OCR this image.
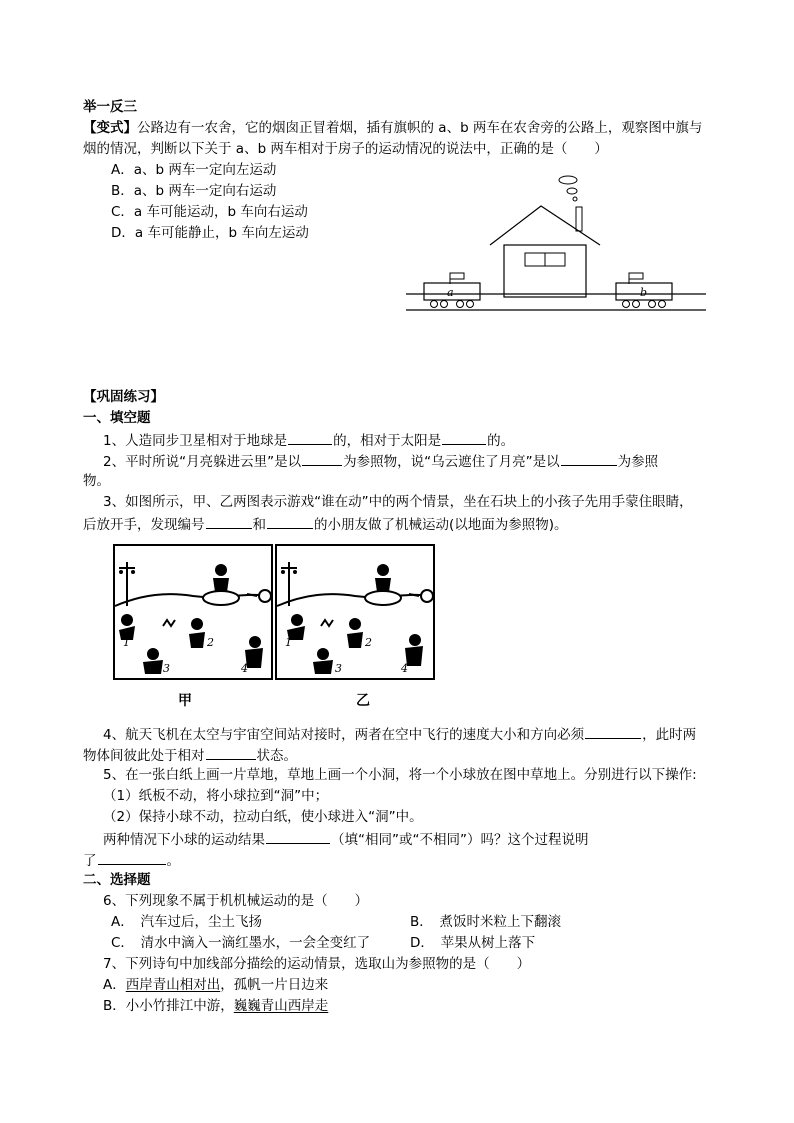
举一反三
【变式】公路边有一农舍，它的烟囱正冒着烟，插有旗帜的 a、b 两车在农舍旁的公路上，观察图中旗与
烟的情况，判断以下关于 a、b 两车相对于房子的运动情况的说法中，正确的是（　　）
A．a、b 两车一定向左运动
B．a、b 两车一定向右运动
C．a 车可能运动，b 车向右运动
D．a 车可能静止，b 车向左运动
a	b
【巩固练习】
一、填空题
1、人造同步卫星相对于地球是	的，相对于太阳是	的。
2、平时所说“月亮躲进云里”是以	为参照物，说“乌云遮住了月亮”是以	为参照
物。
3、如图所示，甲、乙两图表示游戏“谁在动”中的两个情景，坐在石块上的小孩子先用手蒙住眼睛，
后放开手，发现编号	和	的小朋友做了机械运动(以地面为参照物)。
1	2
3	4
1	2
3	4
甲	乙
4、航天飞机在太空与宇宙空间站对接时，两者在空中飞行的速度大小和方向必须	，此时两
物体间彼此处于相对	状态。
5、在一张白纸上画一片草地，草地上画一个小洞，将一个小球放在图中草地上。分别进行以下操作:
（1）纸板不动，将小球拉到“洞”中；
（2）保持小球不动，拉动白纸，使小球进入“洞”中。
两种情况下小球的运动结果	（填“相同”或“不相同”）吗？这个过程说明
了	。
二、选择题
6、下列现象不属于机机械运动的是（　　）
A．　汽车过后，尘土飞扬	B．　煮饭时米粒上下翻滚
C．　清水中滴入一滴红墨水，一会全变红了	D．　苹果从树上落下
7、下列诗句中加线部分描绘的运动情景，选取山为参照物的是（　　）
A．西岸青山相对出，孤帆一片日边来
B．小小竹排江中游，巍巍青山西岸走
